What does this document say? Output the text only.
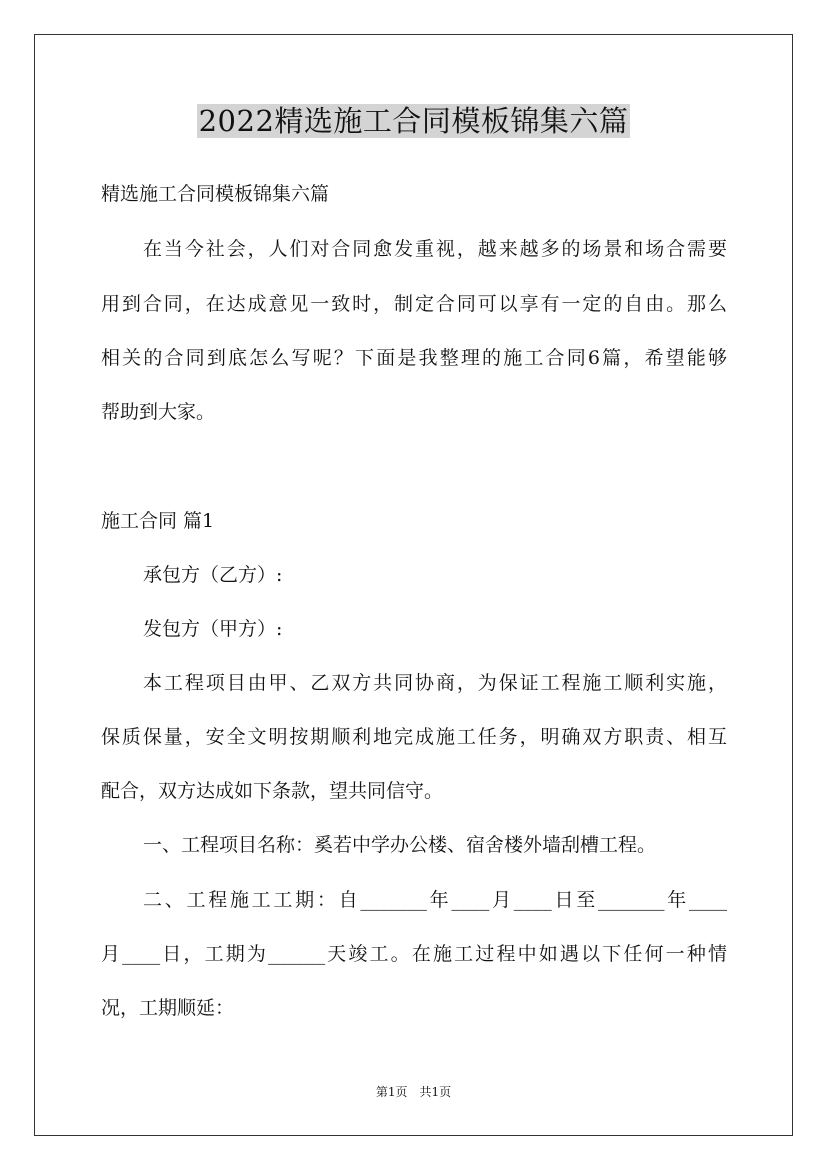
2022精选施工合同模板锦集六篇
精选施工合同模板锦集六篇
在当今社会，人们对合同愈发重视，越来越多的场景和场合需要
用到合同，在达成意见一致时，制定合同可以享有一定的自由。那么
相关的合同到底怎么写呢？下面是我整理的施工合同6篇，希望能够
帮助到大家。
施工合同 篇1
承包方（乙方）:
发包方（甲方）:
本工程项目由甲、乙双方共同协商，为保证工程施工顺利实施，
保质保量，安全文明按期顺利地完成施工任务，明确双方职责、相互
配合，双方达成如下条款，望共同信守。
一、工程项目名称：奚若中学办公楼、宿舍楼外墙刮槽工程。
二、工程施工工期：自_______年____月____日至_______年____
月____日，工期为______天竣工。在施工过程中如遇以下任何一种情
况，工期顺延：
第1页　共1页
